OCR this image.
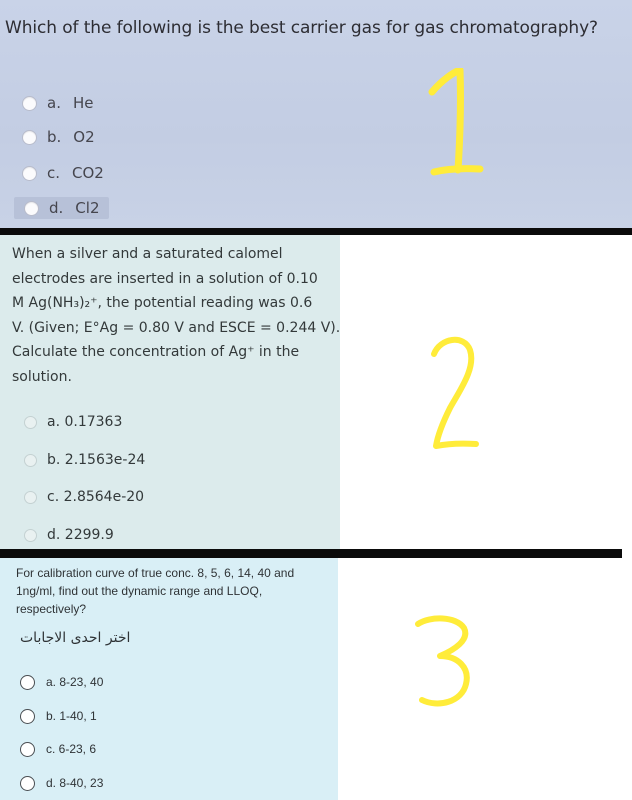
Which of the following is the best carrier gas for gas chromatography?
a. He
b. O2
c. CO2
d. Cl2
When a silver and a saturated calomel
electrodes are inserted in a solution of 0.10
M Ag(NH₃)₂⁺, the potential reading was 0.6
V. (Given; E°Ag = 0.80 V and ESCE = 0.244 V).
Calculate the concentration of Ag⁺ in the
solution.
a. 0.17363
b. 2.1563e-24
c. 2.8564e-20
d. 2299.9
For calibration curve of true conc. 8, 5, 6, 14, 40 and
1ng/ml, find out the dynamic range and LLOQ,
respectively?
اختر احدى الاجابات
a. 8-23, 40
b. 1-40, 1
c. 6-23, 6
d. 8-40, 23
